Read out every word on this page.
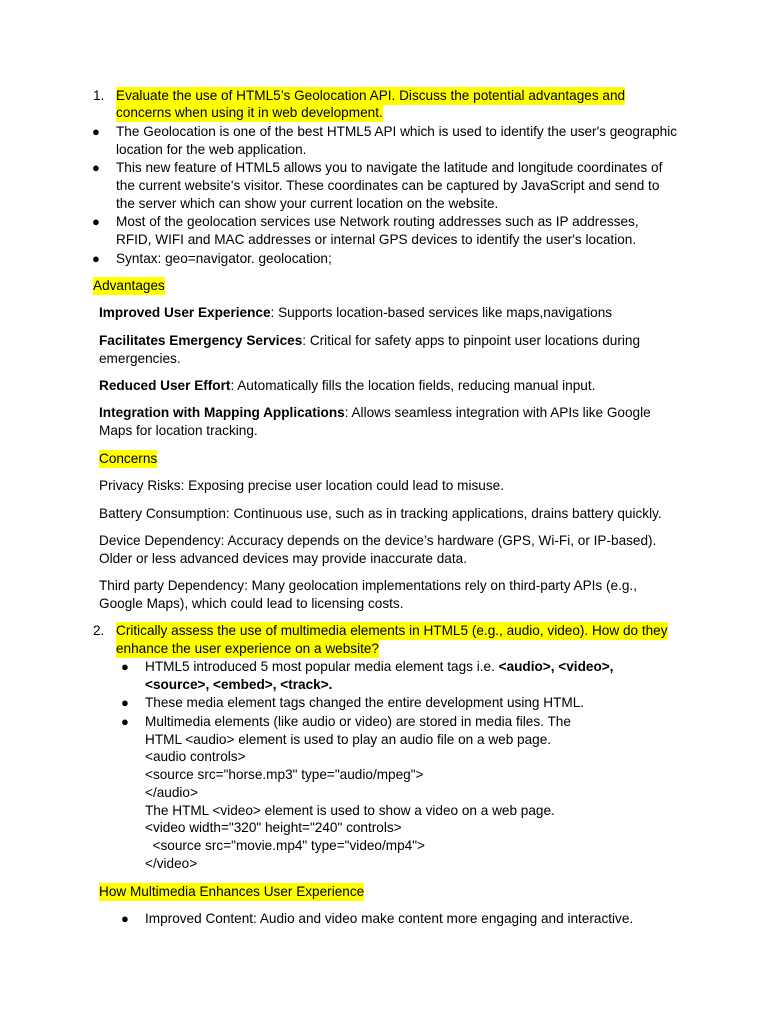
1. Evaluate the use of HTML5’s Geolocation API. Discuss the potential advantages and
concerns when using it in web development.
● The Geolocation is one of the best HTML5 API which is used to identify the user's geographic
location for the web application.
● This new feature of HTML5 allows you to navigate the latitude and longitude coordinates of
the current website's visitor. These coordinates can be captured by JavaScript and send to
the server which can show your current location on the website.
● Most of the geolocation services use Network routing addresses such as IP addresses,
RFID, WIFI and MAC addresses or internal GPS devices to identify the user's location.
● Syntax: geo=navigator. geolocation;
Advantages
Improved User Experience: Supports location-based services like maps,navigations
Facilitates Emergency Services: Critical for safety apps to pinpoint user locations during
emergencies.
Reduced User Effort: Automatically fills the location fields, reducing manual input.
Integration with Mapping Applications: Allows seamless integration with APIs like Google
Maps for location tracking.
Concerns
Privacy Risks: Exposing precise user location could lead to misuse.
Battery Consumption: Continuous use, such as in tracking applications, drains battery quickly.
Device Dependency: Accuracy depends on the device’s hardware (GPS, Wi-Fi, or IP-based).
Older or less advanced devices may provide inaccurate data.
Third party Dependency: Many geolocation implementations rely on third-party APIs (e.g.,
Google Maps), which could lead to licensing costs.
2. Critically assess the use of multimedia elements in HTML5 (e.g., audio, video). How do they
enhance the user experience on a website?
● HTML5 introduced 5 most popular media element tags i.e. <audio>, <video>,
<source>, <embed>, <track>.
● These media element tags changed the entire development using HTML.
● Multimedia elements (like audio or video) are stored in media files. The
HTML <audio> element is used to play an audio file on a web page.
<audio controls>
<source src="horse.mp3" type="audio/mpeg">
</audio>
The HTML <video> element is used to show a video on a web page.
<video width="320" height="240" controls>
<source src="movie.mp4" type="video/mp4">
</video>
How Multimedia Enhances User Experience
● Improved Content: Audio and video make content more engaging and interactive.
